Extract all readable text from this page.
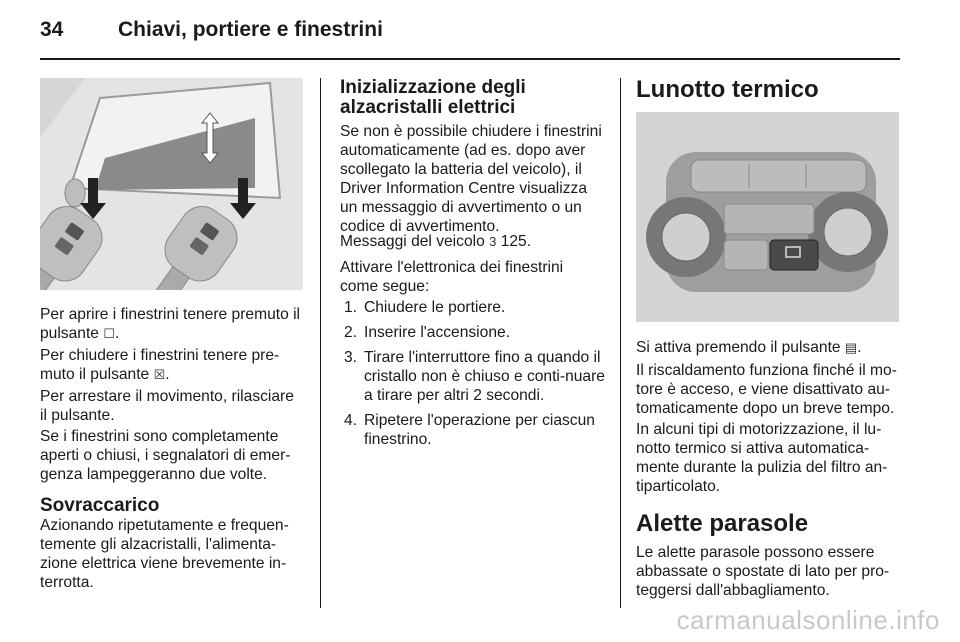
34	Chiavi, portiere e finestrini

Per aprire i finestrini tenere premuto il pulsante ☐.

Per chiudere i finestrini tenere pre-muto il pulsante ☒.

Per arrestare il movimento, rilasciare il pulsante.

Se i finestrini sono completamente aperti o chiusi, i segnalatori di emer-genza lampeggeranno due volte.

Sovraccarico

Azionando ripetutamente e frequen-temente gli alzacristalli, l'alimenta-zione elettrica viene brevemente in-terrotta.

Inizializzazione degli alzacristalli elettrici

Se non è possibile chiudere i finestrini automaticamente (ad es. dopo aver scollegato la batteria del veicolo), il Driver Information Centre visualizza un messaggio di avvertimento o un codice di avvertimento.

Messaggi del veicolo 3 125.

Attivare l'elettronica dei finestrini come segue:

1. Chiudere le portiere.
2. Inserire l'accensione.
3. Tirare l'interruttore fino a quando il cristallo non è chiuso e conti-nuare a tirare per altri 2 secondi.
4. Ripetere l'operazione per ciascun finestrino.
Lunotto termico

Si attiva premendo il pulsante ▤.

Il riscaldamento funziona finché il mo-tore è acceso, e viene disattivato au-tomaticamente dopo un breve tempo.

In alcuni tipi di motorizzazione, il lu-notto termico si attiva automatica-mente durante la pulizia del filtro an-tiparticolato.

Alette parasole

Le alette parasole possono essere abbassate o spostate di lato per pro-teggersi dall'abbagliamento.

carmanualsonline.info
